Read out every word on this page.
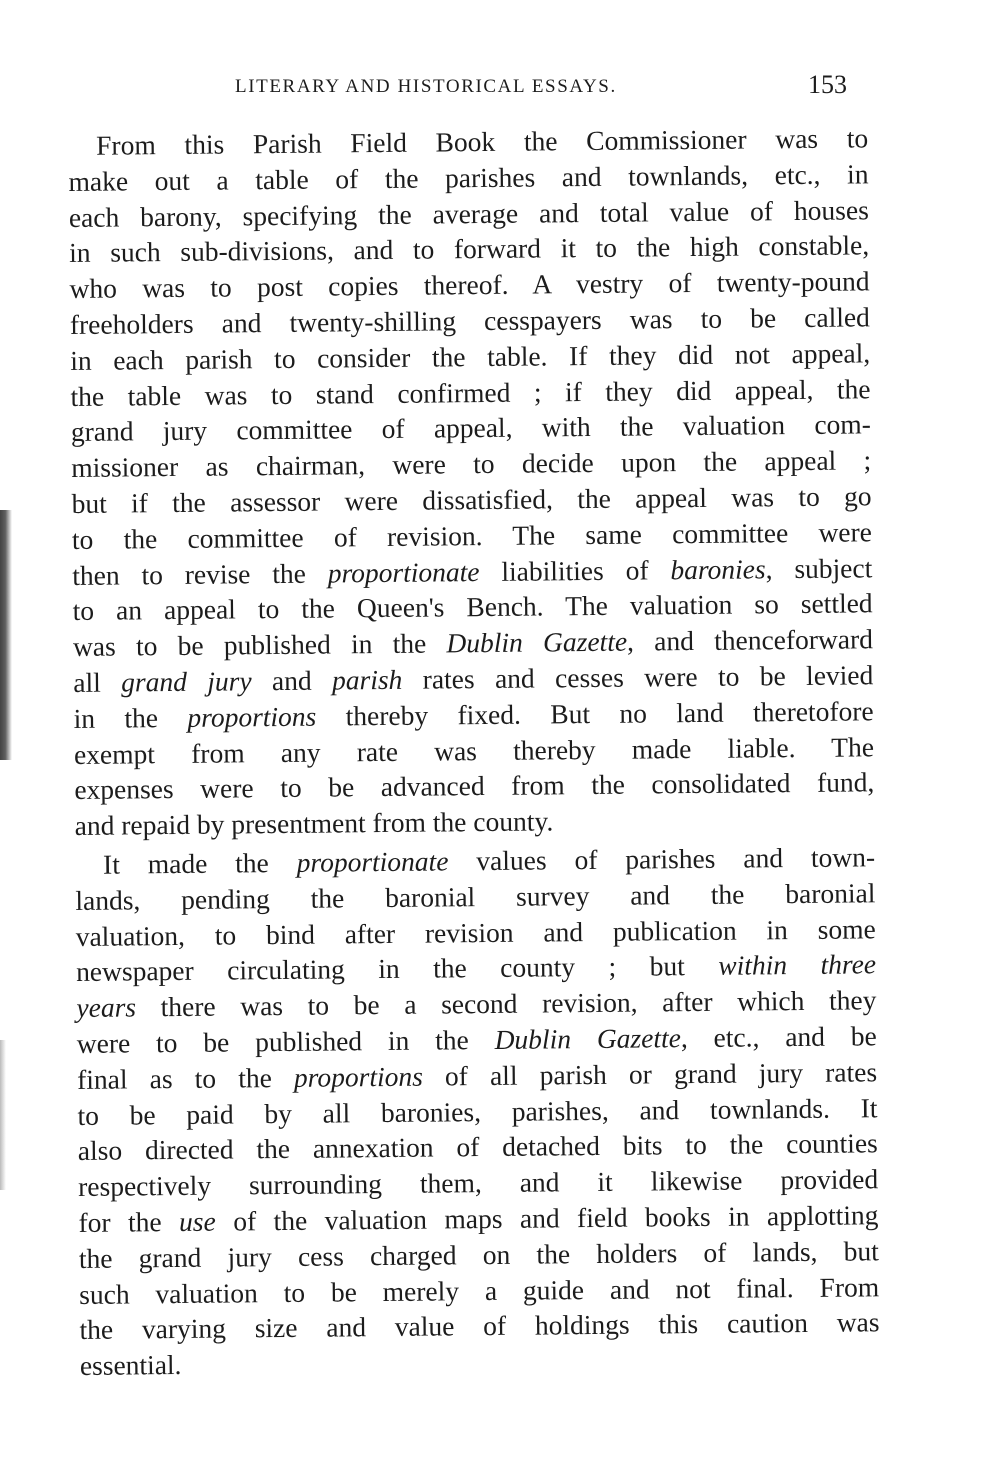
LITERARY AND HISTORICAL ESSAYS.	153
From this Parish Field Book the Commissioner was to
make out a table of the parishes and townlands, etc., in
each barony, specifying the average and total value of houses
in such sub-divisions, and to forward it to the high constable,
who was to post copies thereof. A vestry of twenty-pound
freeholders and twenty-shilling cesspayers was to be called
in each parish to consider the table. If they did not appeal,
the table was to stand confirmed ; if they did appeal, the
grand jury committee of appeal, with the valuation com-
missioner as chairman, were to decide upon the appeal ;
but if the assessor were dissatisfied, the appeal was to go
to the committee of revision. The same committee were
then to revise the proportionate liabilities of baronies, subject
to an appeal to the Queen's Bench. The valuation so settled
was to be published in the Dublin Gazette, and thenceforward
all grand jury and parish rates and cesses were to be levied
in the proportions thereby fixed. But no land theretofore
exempt from any rate was thereby made liable. The
expenses were to be advanced from the consolidated fund,
and repaid by presentment from the county.
It made the proportionate values of parishes and town-
lands, pending the baronial survey and the baronial
valuation, to bind after revision and publication in some
newspaper circulating in the county ; but within three
years there was to be a second revision, after which they
were to be published in the Dublin Gazette, etc., and be
final as to the proportions of all parish or grand jury rates
to be paid by all baronies, parishes, and townlands. It
also directed the annexation of detached bits to the counties
respectively surrounding them, and it likewise provided
for the use of the valuation maps and field books in applotting
the grand jury cess charged on the holders of lands, but
such valuation to be merely a guide and not final. From
the varying size and value of holdings this caution was
essential.
